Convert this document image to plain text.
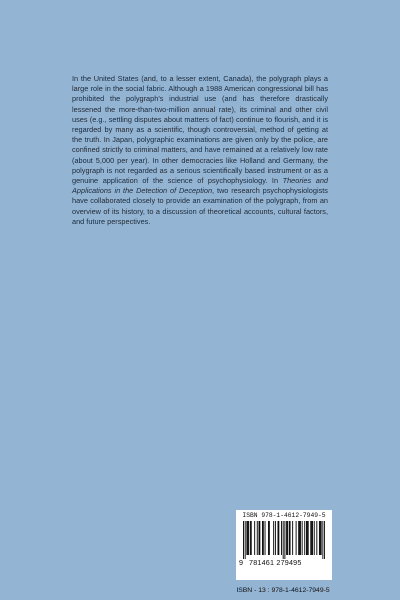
In the United States (and, to a lesser extent, Canada), the polygraph plays a large role in the social fabric. Although a 1988 American congressional bill has prohibited the polygraph's industrial use (and has therefore drastically lessened the more-than-two-million annual rate), its criminal and other civil uses (e.g., settling disputes about matters of fact) continue to flourish, and it is regarded by many as a scientific, though controversial, method of getting at the truth. In Japan, polygraphic examinations are given only by the police, are confined strictly to criminal matters, and have remained at a relatively low rate (about 5,000 per year). In other democracies like Holland and Germany, the polygraph is not regarded as a serious scientifically based instrument or as a genuine application of the science of psychophysiology. In Theories and Applications in the Detection of Deception, two research psychophysiologists have collaborated closely to provide an examination of the polygraph, from an overview of its history, to a discussion of theoretical accounts, cultural factors, and future perspectives.

ISBN 978-1-4612-7949-5
9 781461 279495
ISBN - 13 : 978-1-4612-7949-5
